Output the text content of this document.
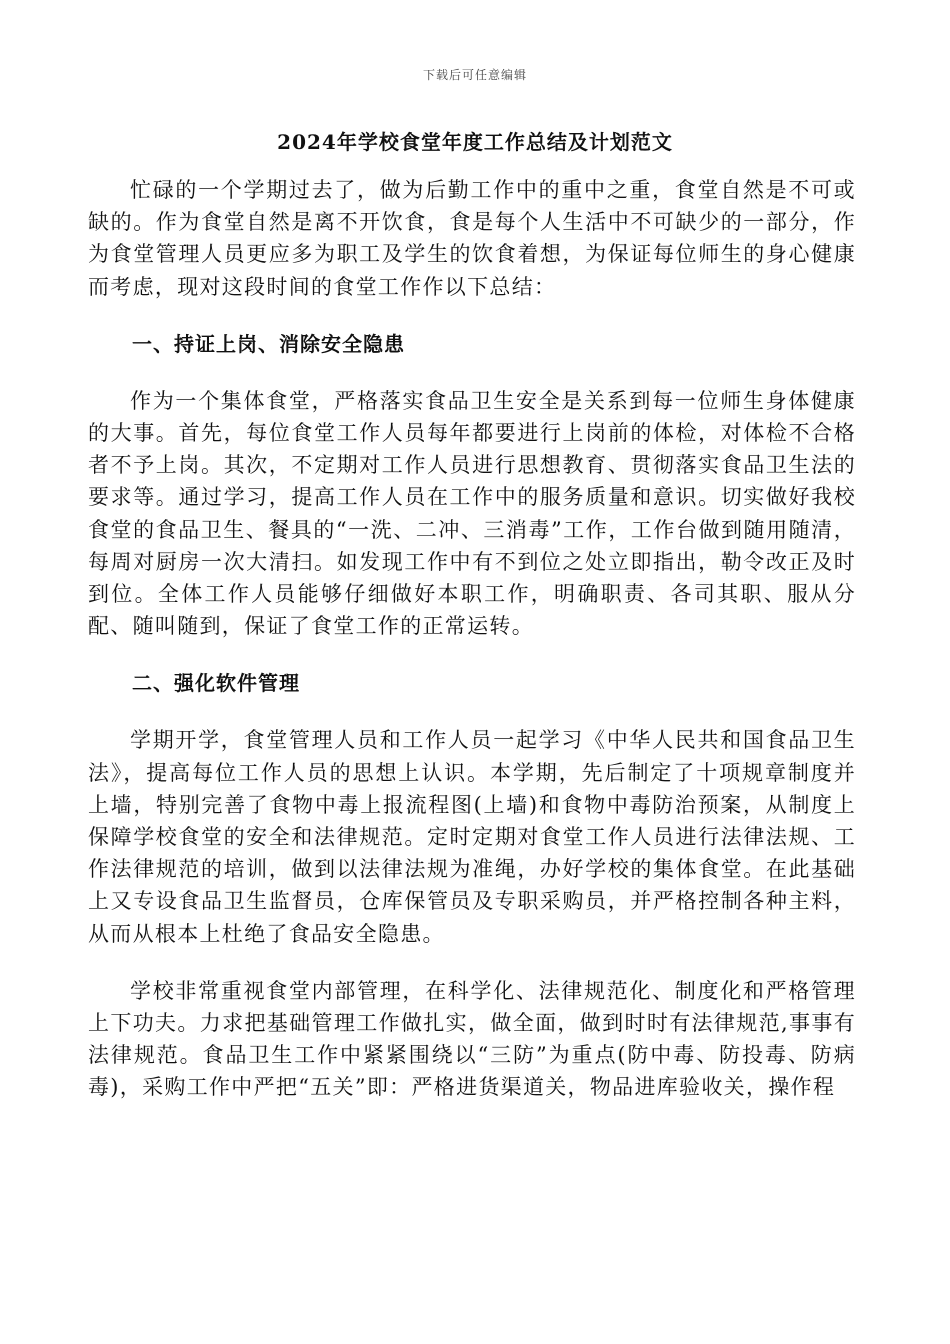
下载后可任意编辑
2024年学校食堂年度工作总结及计划范文

忙碌的一个学期过去了，做为后勤工作中的重中之重，食堂自然是不可或缺的。作为食堂自然是离不开饮食，食是每个人生活中不可缺少的一部分，作为食堂管理人员更应多为职工及学生的饮食着想，为保证每位师生的身心健康而考虑，现对这段时间的食堂工作作以下总结：

一、持证上岗、消除安全隐患

作为一个集体食堂，严格落实食品卫生安全是关系到每一位师生身体健康的大事。首先，每位食堂工作人员每年都要进行上岗前的体检，对体检不合格者不予上岗。其次，不定期对工作人员进行思想教育、贯彻落实食品卫生法的要求等。通过学习，提高工作人员在工作中的服务质量和意识。切实做好我校食堂的食品卫生、餐具的“一洗、二冲、三消毒”工作，工作台做到随用随清，每周对厨房一次大清扫。如发现工作中有不到位之处立即指出，勒令改正及时到位。全体工作人员能够仔细做好本职工作，明确职责、各司其职、服从分配、随叫随到，保证了食堂工作的正常运转。

二、强化软件管理

学期开学，食堂管理人员和工作人员一起学习《中华人民共和国食品卫生法》，提高每位工作人员的思想上认识。本学期，先后制定了十项规章制度并上墙，特别完善了食物中毒上报流程图(上墙)和食物中毒防治预案，从制度上保障学校食堂的安全和法律规范。定时定期对食堂工作人员进行法律法规、工作法律规范的培训，做到以法律法规为准绳，办好学校的集体食堂。在此基础上又专设食品卫生监督员，仓库保管员及专职采购员，并严格控制各种主料，从而从根本上杜绝了食品安全隐患。

学校非常重视食堂内部管理，在科学化、法律规范化、制度化和严格管理上下功夫。力求把基础管理工作做扎实，做全面，做到时时有法律规范,事事有法律规范。食品卫生工作中紧紧围绕以“三防”为重点(防中毒、防投毒、防病毒)，采购工作中严把“五关”即：严格进货渠道关，物品进库验收关，操作程
